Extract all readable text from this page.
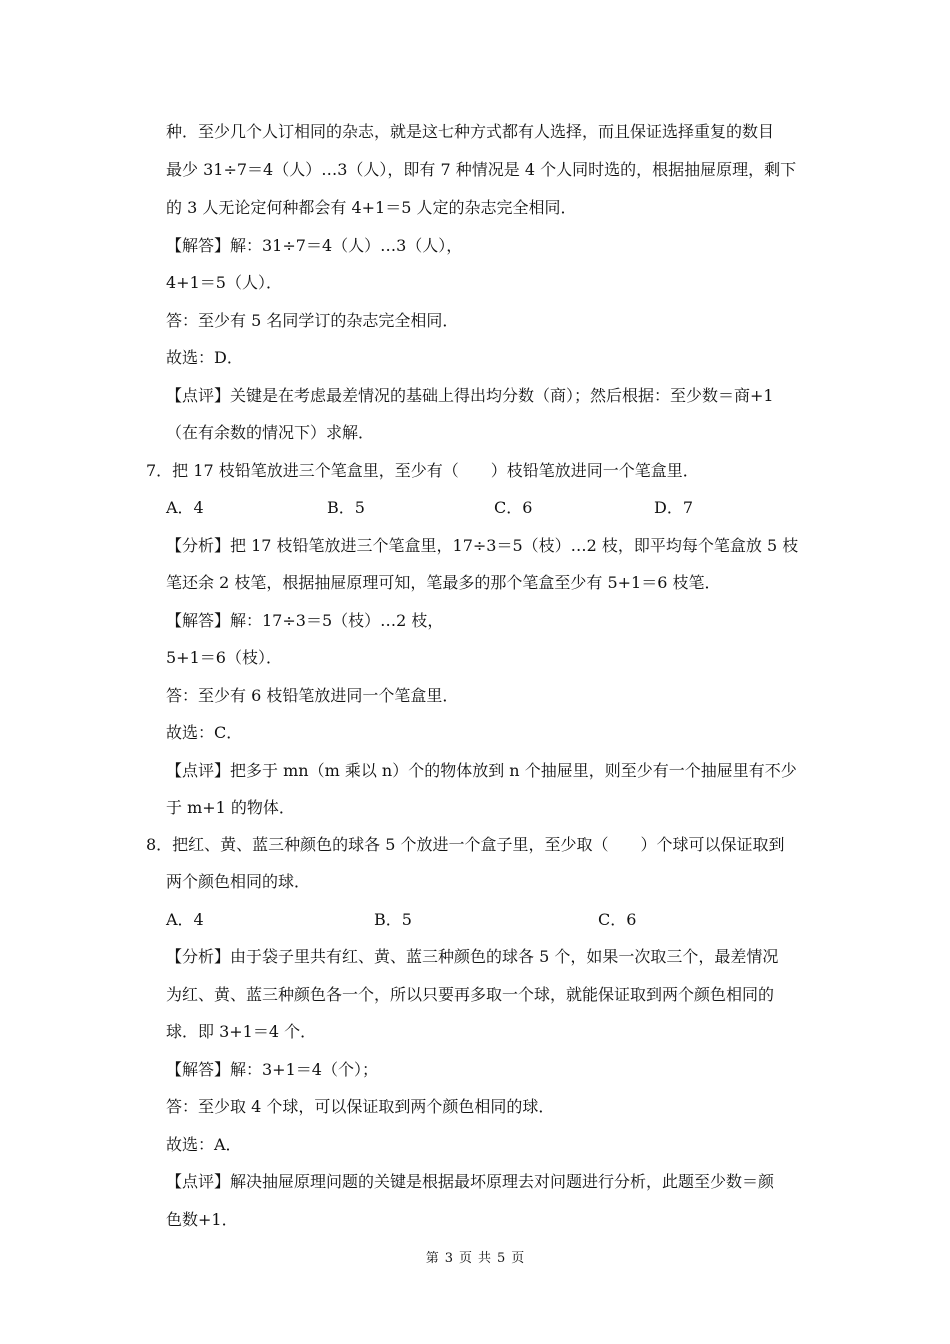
种．至少几个人订相同的杂志，就是这七种方式都有人选择，而且保证选择重复的数目
最少 31÷7＝4（人）…3（人），即有 7 种情况是 4 个人同时选的，根据抽屉原理，剩下
的 3 人无论定何种都会有 4+1＝5 人定的杂志完全相同．
【解答】解：31÷7＝4（人）…3（人），
4+1＝5（人）．
答：至少有 5 名同学订的杂志完全相同．
故选：D．
【点评】关键是在考虑最差情况的基础上得出均分数（商）；然后根据：至少数＝商+1
（在有余数的情况下）求解．
7．把 17 枝铅笔放进三个笔盒里，至少有（　　）枝铅笔放进同一个笔盒里．
A．4	B．5	C．6	D．7
【分析】把 17 枝铅笔放进三个笔盒里，17÷3＝5（枝）…2 枝，即平均每个笔盒放 5 枝
笔还余 2 枝笔，根据抽屉原理可知，笔最多的那个笔盒至少有 5+1＝6 枝笔．
【解答】解：17÷3＝5（枝）…2 枝，
5+1＝6（枝）．
答：至少有 6 枝铅笔放进同一个笔盒里．
故选：C．
【点评】把多于 mn（m 乘以 n）个的物体放到 n 个抽屉里，则至少有一个抽屉里有不少
于 m+1 的物体．
8．把红、黄、蓝三种颜色的球各 5 个放进一个盒子里，至少取（　　）个球可以保证取到
两个颜色相同的球．
A．4	B．5	C．6
【分析】由于袋子里共有红、黄、蓝三种颜色的球各 5 个，如果一次取三个，最差情况
为红、黄、蓝三种颜色各一个，所以只要再多取一个球，就能保证取到两个颜色相同的
球．即 3+1＝4 个．
【解答】解：3+1＝4（个）；
答：至少取 4 个球，可以保证取到两个颜色相同的球．
故选：A．
【点评】解决抽屉原理问题的关键是根据最坏原理去对问题进行分析，此题至少数＝颜
色数+1．
第 3 页 共 5 页
